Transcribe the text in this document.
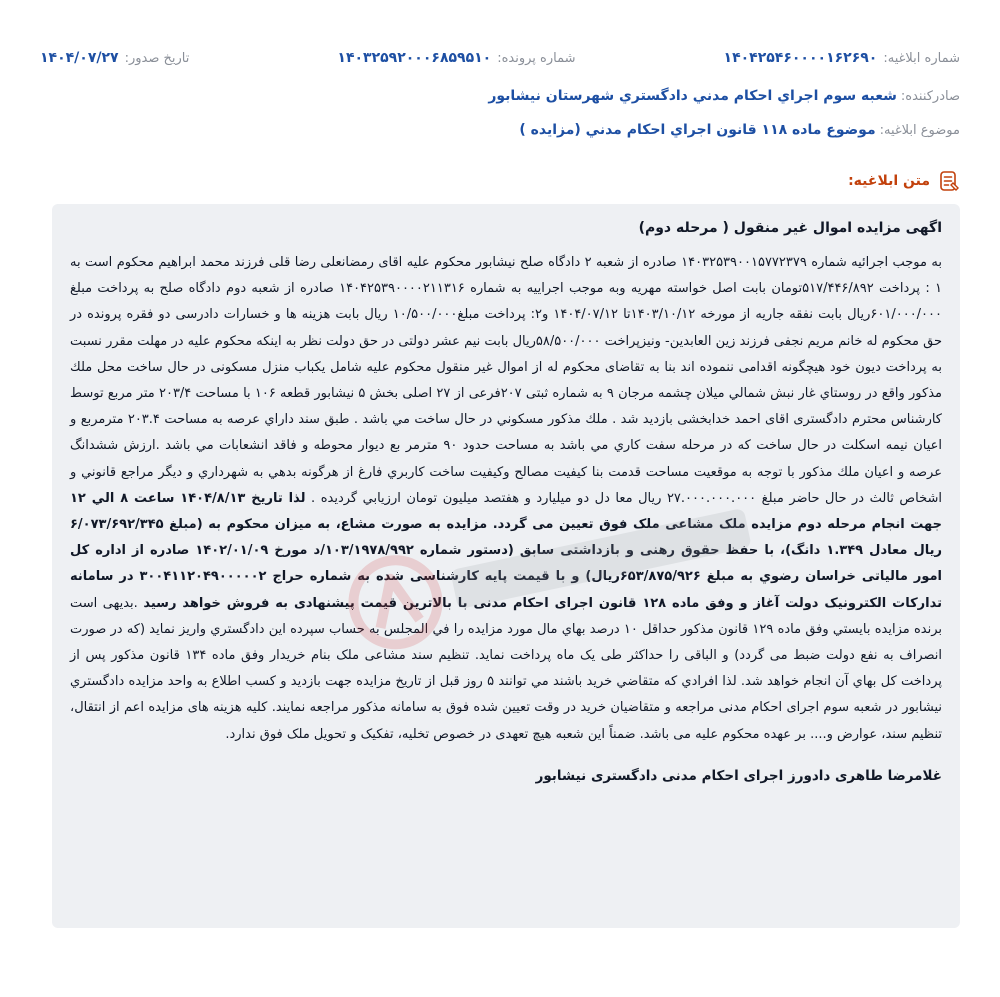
شماره ابلاغیه:
۱۴۰۴۲۵۴۶۰۰۰۰۱۶۲۶۹۰
شماره پرونده:
۱۴۰۳۲۵۹۲۰۰۰۶۸۵۹۵۱۰
تاریخ صدور:
۱۴۰۴/۰۷/۲۷
صادرکننده:
شعبه سوم اجراي احكام مدني دادگستري شهرستان نيشابور
موضوع ابلاغیه:
موضوع ماده ۱۱۸ قانون اجراي احكام مدني (مزايده )
متن ابلاغیه:

اگهی مزایده اموال غیر منقول ( مرحله دوم)

به موجب اجرائیه شماره ۱۴۰۳۲۵۳۹۰۰۱۵۷۷۲۳۷۹ صادره از شعبه ۲ دادگاه صلح نیشابور محکوم علیه اقای رمضانعلی رضا قلی فرزند محمد ابراهیم محکوم است به ۱ : پرداخت ۵۱۷/۴۴۶/۸۹۲تومان بابت اصل خواسته مهریه وبه موجب اجراییه به شماره ۱۴۰۴۲۵۳۹۰۰۰۰۲۱۱۳۱۶ صادره از شعبه دوم دادگاه صلح به پرداخت مبلغ ۶۰۱/۰۰۰/۰۰۰ریال بابت نفقه جاریه از مورخه ۱۴۰۳/۱۰/۱۲تا ۱۴۰۴/۰۷/۱۲ و۲: پرداخت مبلغ۱۰/۵۰۰/۰۰۰ ریال بابت هزینه ها و خسارات دادرسی دو فقره پرونده در حق محکوم له خانم مریم نجفی فرزند زین العابدین- ونیزپراخت ۵۸/۵۰۰/۰۰۰ریال بابت نیم عشر دولتی در حق دولت نظر به اینکه محکوم علیه در مهلت مقرر نسبت به پرداخت دیون خود هیچگونه اقدامی ننموده اند بنا به تقاضای محکوم له از اموال غیر منقول محکوم علیه شامل یکباب منزل مسکونی در حال ساخت محل ملك مذكور واقع در روستاي غار نبش شمالي ميلان چشمه مرجان ۹ به شماره ثبتی ۲۰۷فرعی از ۲۷ اصلی بخش ۵ نیشابور قطعه ۱۰۶ با مساحت ۲۰۳/۴ متر مربع توسط کارشناس محترم دادگستری اقای احمد خدابخشی بازدید شد . ملك مذكور مسكوني در حال ساخت مي باشد . طبق سند داراي عرصه به مساحت ۲۰۳.۴ مترمربع و اعيان نيمه اسكلت در حال ساخت كه در مرحله سفت كاري مي باشد به مساحت حدود ۹۰ مترمر بع ديوار محوطه و فاقد انشعابات مي باشد .ارزش ششدانگ عرصه و اعيان ملك مذكور با توجه به موقعيت مساحت قدمت بنا كيفيت مصالح وكيفيت ساخت كاربري فارغ از هرگونه بدهي به شهرداري و ديگر مراجع قانوني و اشخاص ثالث در حال حاضر مبلغ ۲۷.۰۰۰.۰۰۰.۰۰۰ ريال معا دل دو ميليارد و هفتصد ميليون تومان ارزيابي گرديده . لذا تاریخ ۱۴۰۴/۸/۱۳ ساعت ۸ الي ۱۲ جهت انجام مرحله دوم مزایده ملک مشاعی ملک فوق تعیین می گردد. مزایده به صورت مشاع، به میزان محکوم به (مبلغ ۶/۰۷۳/۶۹۲/۳۴۵ ریال معادل ۱.۳۴۹ دانگ)، با حفظ حقوق رهنی و بازداشتی سابق (دستور شماره ۱۰۳/۱۹۷۸/۹۹۲/د مورخ ۱۴۰۲/۰۱/۰۹ صادره از اداره کل امور مالیاتی خراسان رضوي به مبلغ ۶۵۳/۸۷۵/۹۲۶ریال) و با قیمت پایه کارشناسی شده به شماره حراج ۳۰۰۴۱۱۲۰۴۹۰۰۰۰۰۲ در سامانه تدارکات الکترونیک دولت آغاز و وفق ماده ۱۲۸ قانون اجرای احکام مدنی با بالاترین قیمت پیشنهادی به فروش خواهد رسید .بدیهی است برنده مزایده بایستي وفق ماده ۱۲۹ قانون مذكور حداقل ۱۰ درصد بهاي مال مورد مزايده را في المجلس به حساب سپرده اين دادگستري واريز نمايد (كه در صورت انصراف به نفع دولت ضبط می گردد) و الباقی را حداكثر طی یک ماه پرداخت نماید. تنظیم سند مشاعی ملک بنام خریدار وفق ماده ۱۳۴ قانون مذکور پس از پرداخت کل بهاي آن انجام خواهد شد. لذا افرادي كه متقاضي خريد باشند مي توانند ۵ روز قبل از تاريخ مزايده جهت بازديد و كسب اطلاع به واحد مزايده دادگستري نيشابور در شعبه سوم اجرای احکام مدنی مراجعه و متقاضيان خريد در وقت تعيين شده فوق به سامانه مذكور مراجعه نمايند. کلیه هزینه های مزایده اعم از انتقال، تنظیم سند، عوارض و.... بر عهده محکوم علیه می باشد. ضمناً این شعبه هیچ تعهدی در خصوص تخلیه، تفکیک و تحویل ملک فوق ندارد.

غلامرضا طاهری دادورز اجرای احکام مدنی دادگستری نیشابور
